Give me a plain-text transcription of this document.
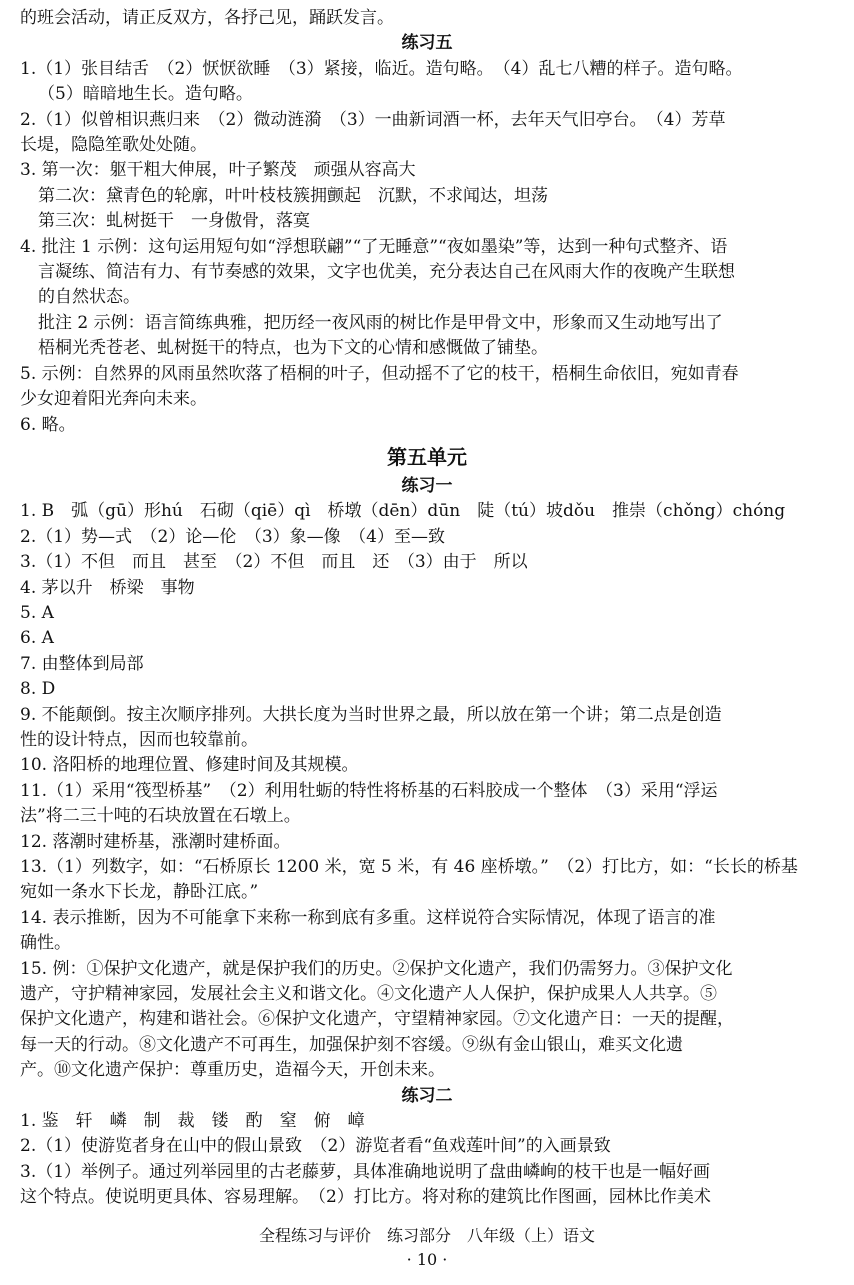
的班会活动，请正反双方，各抒己见，踊跃发言。
练习五
1.（1）张目结舌　（2）恹恹欲睡　（3）紧接，临近。造句略。　（4）乱七八糟的样子。造句略。
（5）暗暗地生长。造句略。
2.（1）似曾相识燕归来　（2）微动涟漪　（3）一曲新词酒一杯，去年天气旧亭台。　（4）芳草
长堤，隐隐笙歌处处随。
3. 第一次：躯干粗大伸展，叶子繁茂　顽强从容高大
第二次：黛青色的轮廓，叶叶枝枝簇拥颤起　沉默，不求闻达，坦荡
第三次：虬树挺干　一身傲骨，落寞
4. 批注 1 示例：这句运用短句如“浮想联翩”“了无睡意”“夜如墨染”等，达到一种句式整齐、语
言凝练、简洁有力、有节奏感的效果，文字也优美，充分表达自己在风雨大作的夜晚产生联想
的自然状态。
批注 2 示例：语言简练典雅，把历经一夜风雨的树比作是甲骨文中，形象而又生动地写出了
梧桐光秃苍老、虬树挺干的特点，也为下文的心情和感慨做了铺垫。
5. 示例：自然界的风雨虽然吹落了梧桐的叶子，但动摇不了它的枝干，梧桐生命依旧，宛如青春
少女迎着阳光奔向未来。
6. 略。
第五单元
练习一
1. B　弧（gū）形hú　石砌（qiē）qì　桥墩（dēn）dūn　陡（tú）坡dǒu　推崇（chǒng）chóng
2.（1）势—式　（2）论—伦　（3）象—像　（4）至—致
3.（1）不但　而且　甚至　（2）不但　而且　还　（3）由于　所以
4. 茅以升　桥梁　事物
5. A
6. A
7. 由整体到局部
8. D
9. 不能颠倒。按主次顺序排列。大拱长度为当时世界之最，所以放在第一个讲；第二点是创造
性的设计特点，因而也较靠前。
10. 洛阳桥的地理位置、修建时间及其规模。
11.（1）采用“筏型桥基”　（2）利用牡蛎的特性将桥基的石料胶成一个整体　（3）采用“浮运
法”将二三十吨的石块放置在石墩上。
12. 落潮时建桥基，涨潮时建桥面。
13.（1）列数字，如：“石桥原长 1200 米，宽 5 米，有 46 座桥墩。”　（2）打比方，如：“长长的桥基
宛如一条水下长龙，静卧江底。”
14. 表示推断，因为不可能拿下来称一称到底有多重。这样说符合实际情况，体现了语言的准
确性。
15. 例：①保护文化遗产，就是保护我们的历史。②保护文化遗产，我们仍需努力。③保护文化
遗产，守护精神家园，发展社会主义和谐文化。④文化遗产人人保护，保护成果人人共享。⑤
保护文化遗产，构建和谐社会。⑥保护文化遗产，守望精神家园。⑦文化遗产日：一天的提醒，
每一天的行动。⑧文化遗产不可再生，加强保护刻不容缓。⑨纵有金山银山，难买文化遗
产。⑩文化遗产保护：尊重历史，造福今天，开创未来。
练习二
1. 鉴　轩　嶙　制　裁　镂　酌　窒　俯　嶂
2.（1）使游览者身在山中的假山景致　（2）游览者看“鱼戏莲叶间”的入画景致
3.（1）举例子。通过列举园里的古老藤萝，具体准确地说明了盘曲嶙峋的枝干也是一幅好画
这个特点。使说明更具体、容易理解。　（2）打比方。将对称的建筑比作图画，园林比作美术
全程练习与评价　练习部分　八年级（上）语文
· 10 ·
